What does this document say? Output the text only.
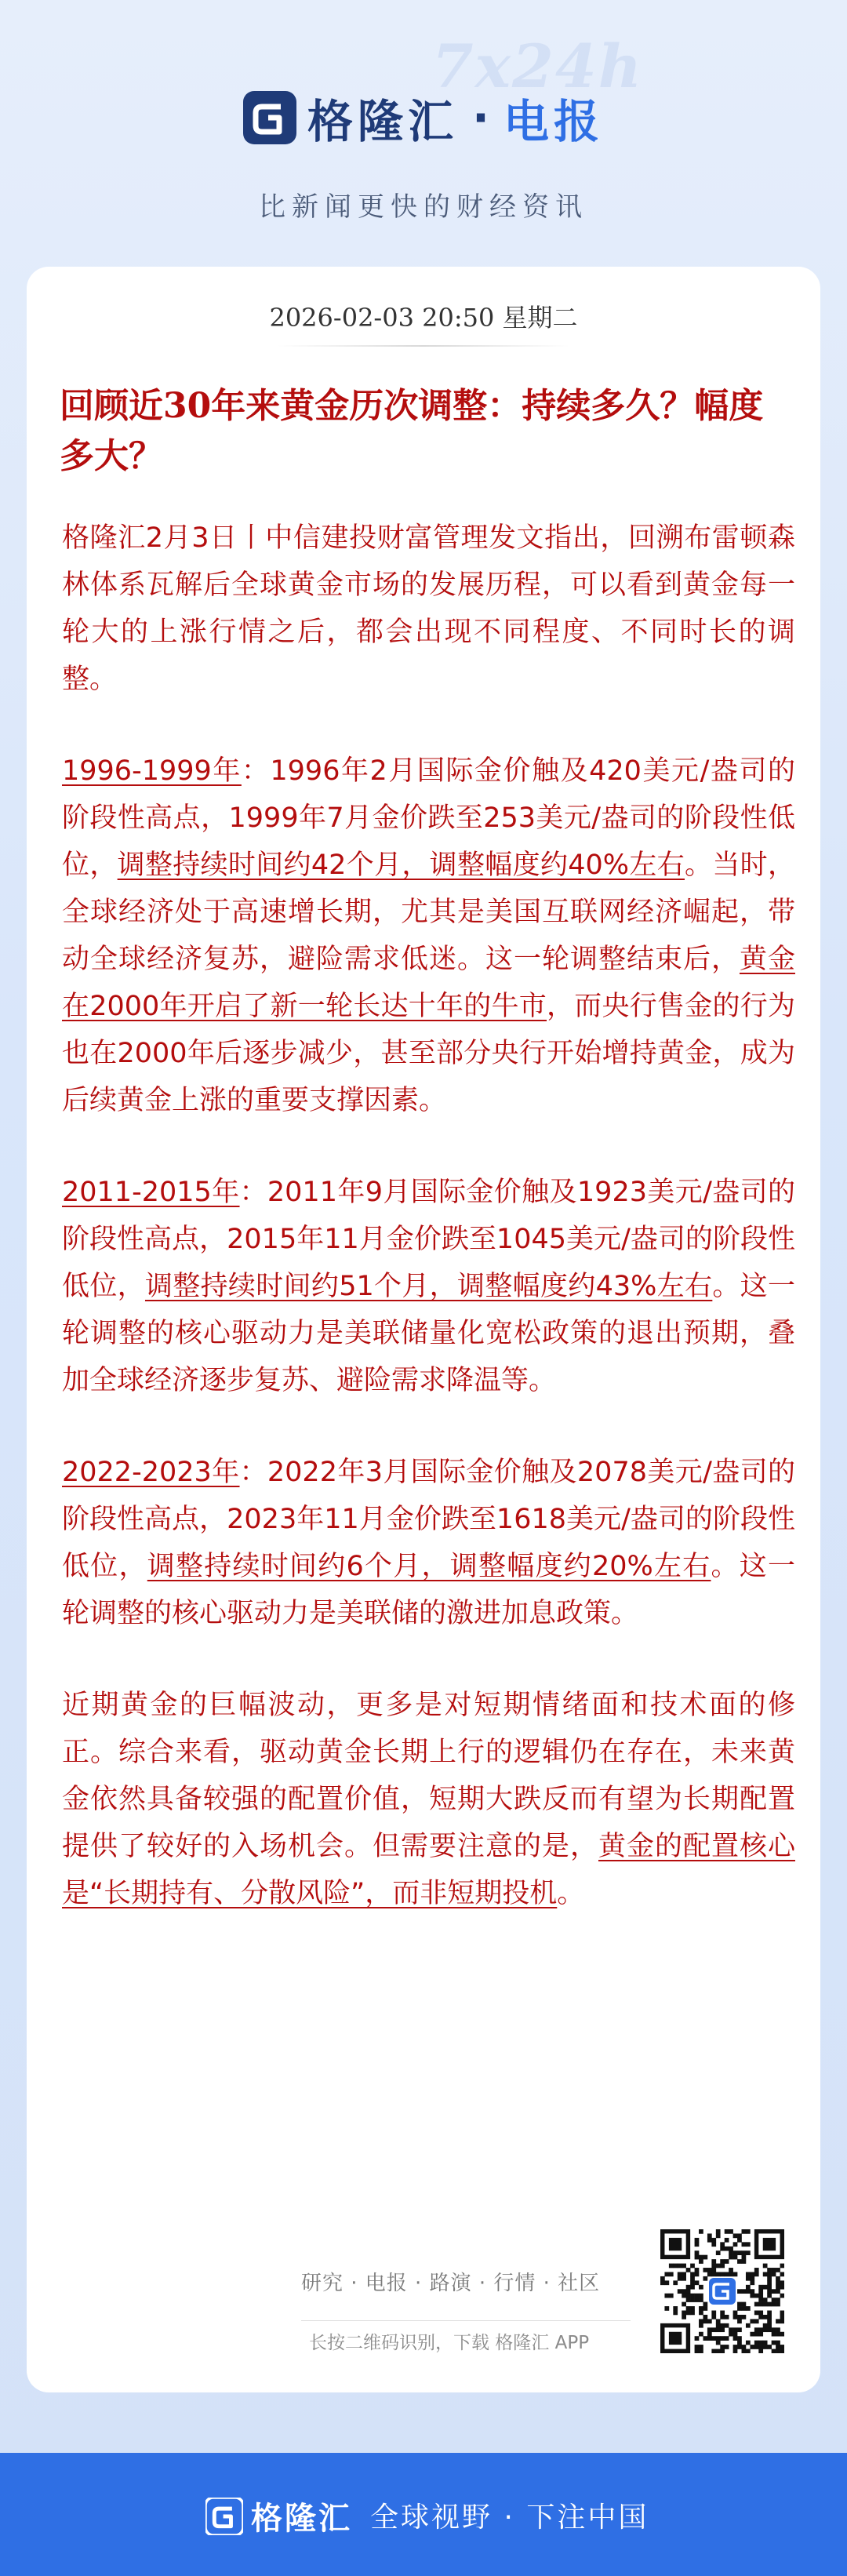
7x24h
格隆汇 · 电报
比新闻更快的财经资讯
2026-02-03 20:50 星期二
回顾近30年来黄金历次调整：持续多久？幅度多大？

格隆汇2月3日丨中信建投财富管理发文指出，回溯布雷顿森林体系瓦解后全球黄金市场的发展历程，可以看到黄金每一轮大的上涨行情之后，都会出现不同程度、不同时长的调整。

1996-1999年：1996年2月国际金价触及420美元/盎司的阶段性高点，1999年7月金价跌至253美元/盎司的阶段性低位，调整持续时间约42个月，调整幅度约40%左右。当时，全球经济处于高速增长期，尤其是美国互联网经济崛起，带动全球经济复苏，避险需求低迷。这一轮调整结束后，黄金在2000年开启了新一轮长达十年的牛市，而央行售金的行为也在2000年后逐步减少，甚至部分央行开始增持黄金，成为后续黄金上涨的重要支撑因素。

2011-2015年：2011年9月国际金价触及1923美元/盎司的阶段性高点，2015年11月金价跌至1045美元/盎司的阶段性低位，调整持续时间约51个月，调整幅度约43%左右。这一轮调整的核心驱动力是美联储量化宽松政策的退出预期，叠加全球经济逐步复苏、避险需求降温等。

2022-2023年：2022年3月国际金价触及2078美元/盎司的阶段性高点，2023年11月金价跌至1618美元/盎司的阶段性低位，调整持续时间约6个月，调整幅度约20%左右。这一轮调整的核心驱动力是美联储的激进加息政策。

近期黄金的巨幅波动，更多是对短期情绪面和技术面的修正。综合来看，驱动黄金长期上行的逻辑仍在存在，未来黄金依然具备较强的配置价值，短期大跌反而有望为长期配置提供了较好的入场机会。但需要注意的是，黄金的配置核心是“长期持有、分散风险”，而非短期投机。

研究 · 电报 · 路演 · 行情 · 社区
长按二维码识别，下载 格隆汇 APP
格隆汇 全球视野 · 下注中国
